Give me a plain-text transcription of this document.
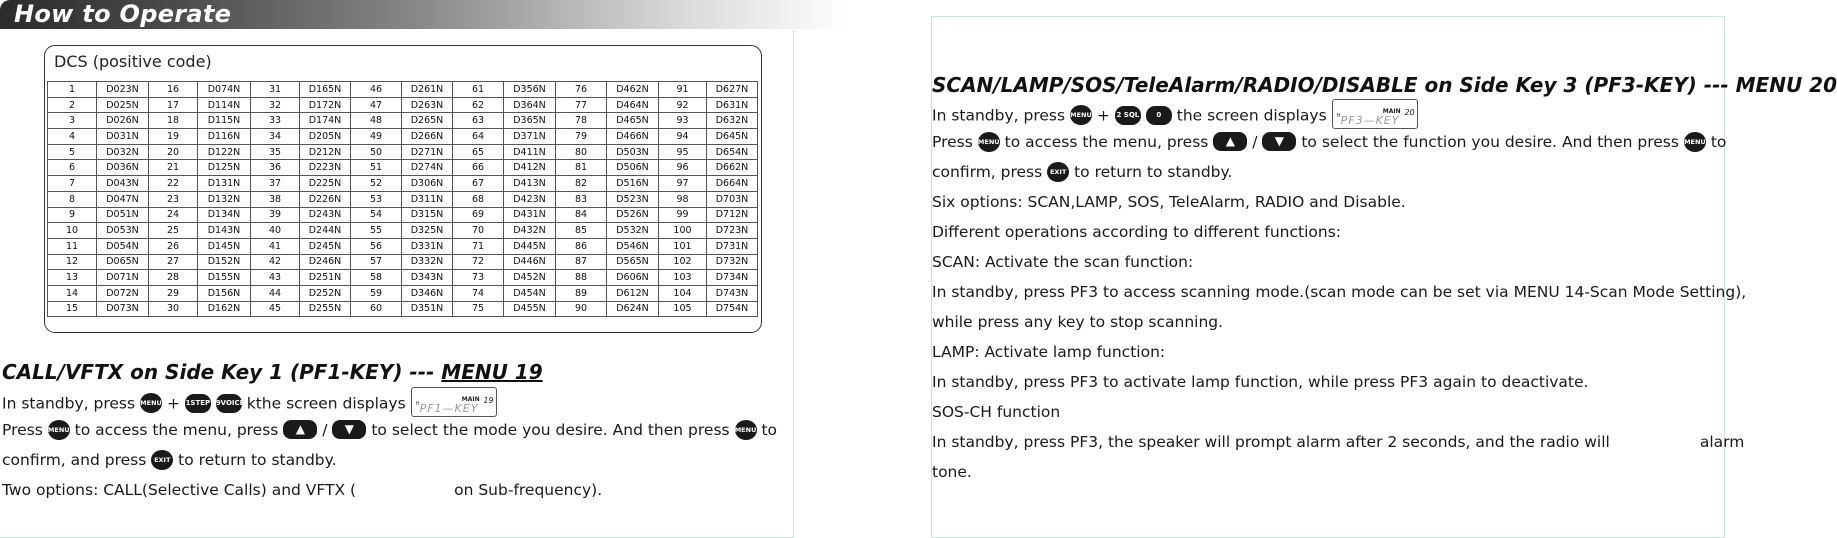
How to Operate
DCS (positive code)
1	D023N	16	D074N	31	D165N	46	D261N	61	D356N	76	D462N	91	D627N
2	D025N	17	D114N	32	D172N	47	D263N	62	D364N	77	D464N	92	D631N
3	D026N	18	D115N	33	D174N	48	D265N	63	D365N	78	D465N	93	D632N
4	D031N	19	D116N	34	D205N	49	D266N	64	D371N	79	D466N	94	D645N
5	D032N	20	D122N	35	D212N	50	D271N	65	D411N	80	D503N	95	D654N
6	D036N	21	D125N	36	D223N	51	D274N	66	D412N	81	D506N	96	D662N
7	D043N	22	D131N	37	D225N	52	D306N	67	D413N	82	D516N	97	D664N
8	D047N	23	D132N	38	D226N	53	D311N	68	D423N	83	D523N	98	D703N
9	D051N	24	D134N	39	D243N	54	D315N	69	D431N	84	D526N	99	D712N
10	D053N	25	D143N	40	D244N	55	D325N	70	D432N	85	D532N	100	D723N
11	D054N	26	D145N	41	D245N	56	D331N	71	D445N	86	D546N	101	D731N
12	D065N	27	D152N	42	D246N	57	D332N	72	D446N	87	D565N	102	D732N
13	D071N	28	D155N	43	D251N	58	D343N	73	D452N	88	D606N	103	D734N
14	D072N	29	D156N	44	D252N	59	D346N	74	D454N	89	D612N	104	D743N
15	D073N	30	D162N	45	D255N	60	D351N	75	D455N	90	D624N	105	D754N
CALL/VFTX on Side Key 1 (PF1-KEY) --- MENU 19
In standby, press MENU + 1STEP 9VOICE kthe screen displays	MAIN 19
PF1—KEY
H
Press MENU to access the menu, press ▲ / ▼ to select the mode you desire. And then press MENU to
confirm, and press EXIT to return to standby.
Two options: CALL(Selective Calls) and VFTX (	on Sub-frequency).
SCAN/LAMP/SOS/TeleAlarm/RADIO/DISABLE on Side Key 3 (PF3-KEY) --- MENU 20
In standby, press MENU + 2 SQL 0 the screen displays	MAIN 20
PF3—KEY
H
Press MENU to access the menu, press ▲ / ▼ to select the function you desire. And then press MENU to
confirm, press EXIT to return to standby.
Six options: SCAN,LAMP, SOS, TeleAlarm, RADIO and Disable.
Different operations according to different functions:
SCAN: Activate the scan function:
In standby, press PF3 to access scanning mode.(scan mode can be set via MENU 14-Scan Mode Setting),
while press any key to stop scanning.
LAMP: Activate lamp function:
In standby, press PF3 to activate lamp function, while press PF3 again to deactivate.
SOS-CH function
In standby, press PF3, the speaker will prompt alarm after 2 seconds, and the radio will	alarm
tone.
